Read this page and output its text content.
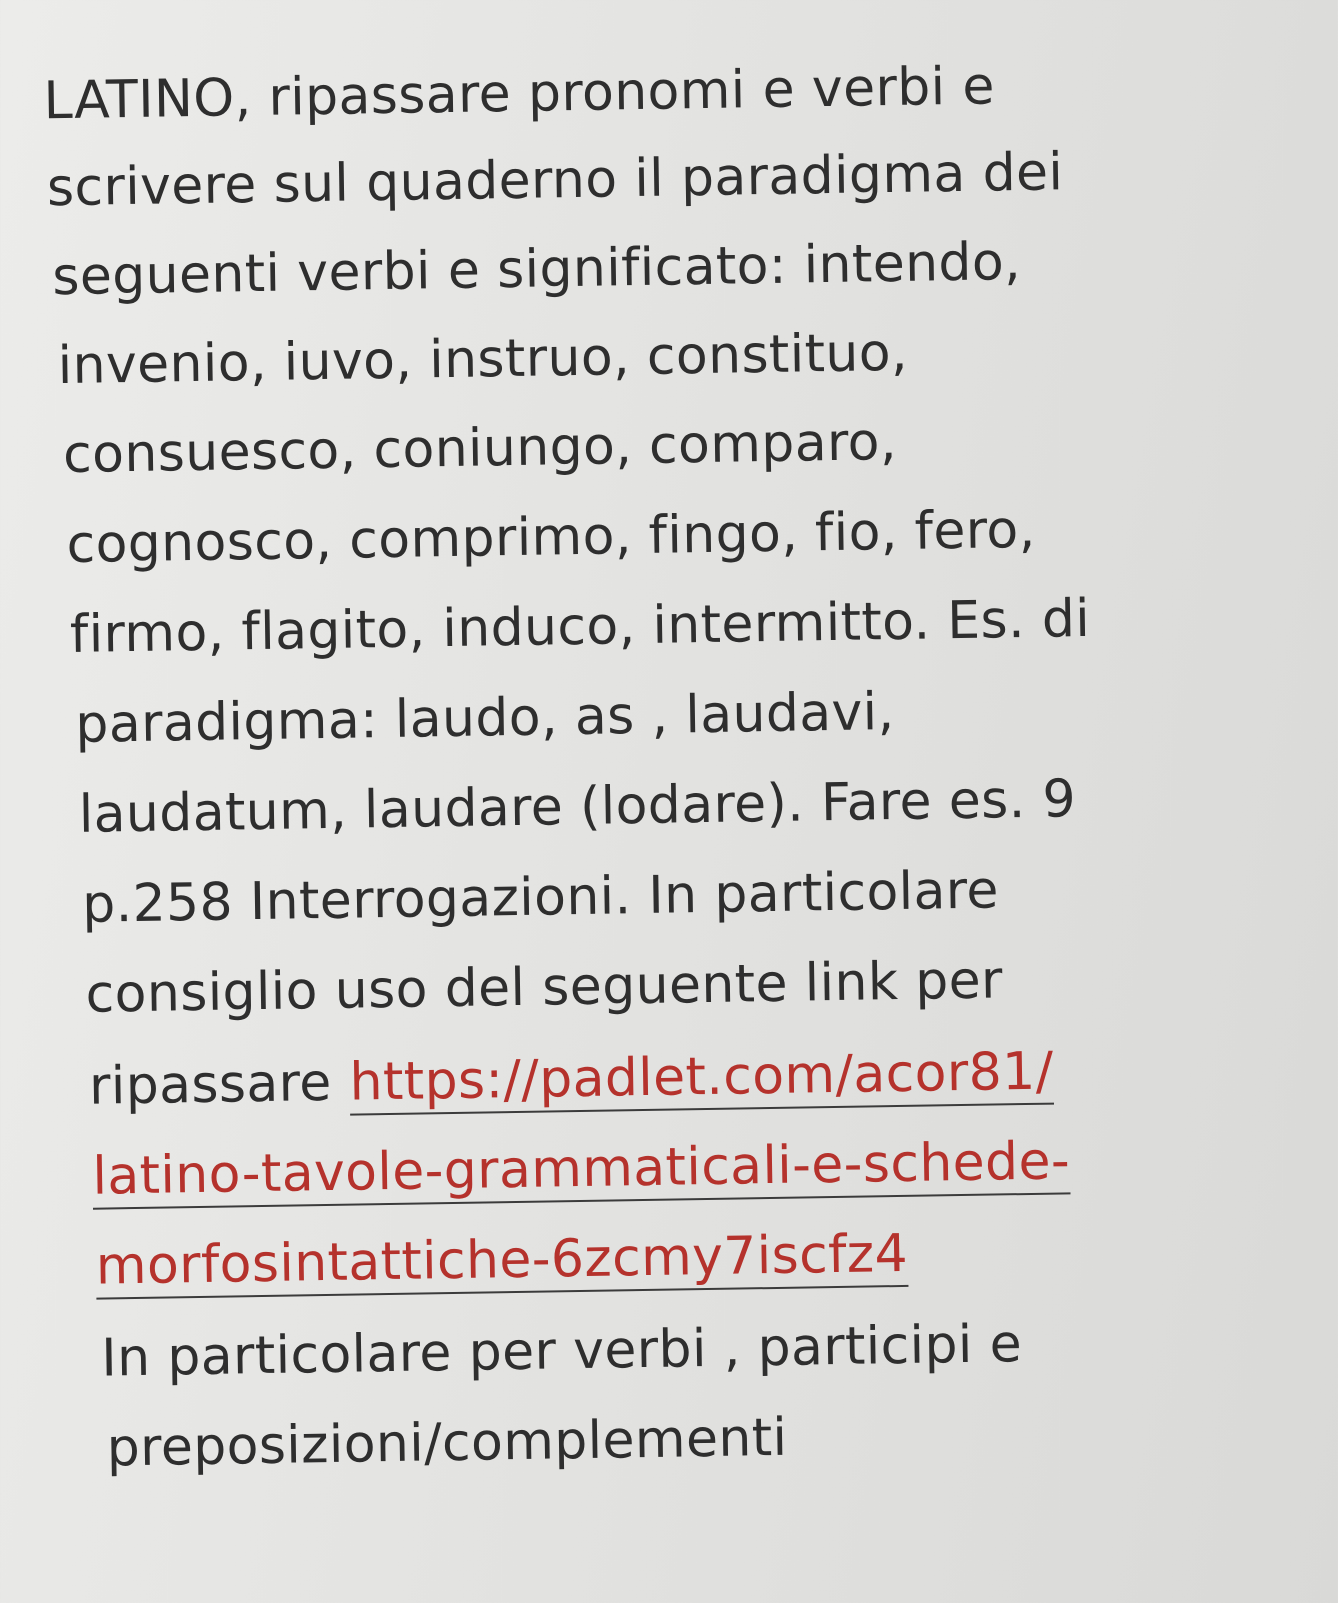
LATINO, ripassare pronomi e verbi e
scrivere sul quaderno il paradigma dei
seguenti verbi e significato: intendo,
invenio, iuvo, instruo, constituo,
consuesco, coniungo, comparo,
cognosco, comprimo, fingo, fio, fero,
firmo, flagito, induco, intermitto. Es. di
paradigma: laudo, as , laudavi,
laudatum, laudare (lodare). Fare es. 9
p.258 Interrogazioni. In particolare
consiglio uso del seguente link per
ripassare https://padlet.com/acor81/
latino-tavole-grammaticali-e-schede-
morfosintattiche-6zcmy7iscfz4
In particolare per verbi , participi e
preposizioni/complementi
